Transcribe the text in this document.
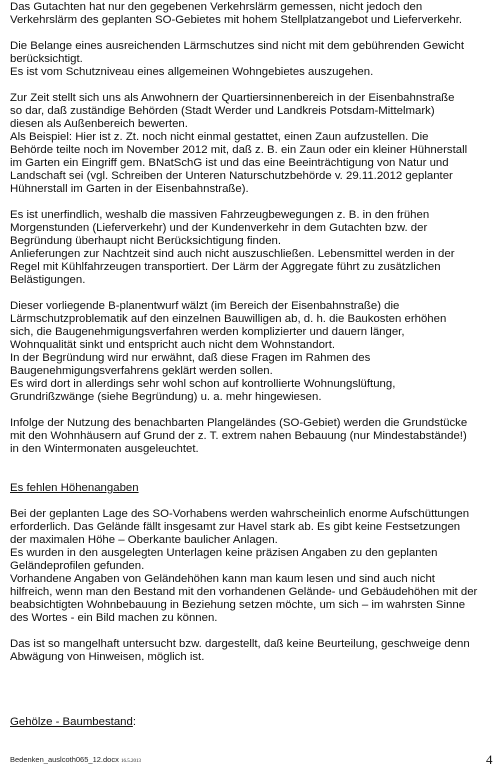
Das Gutachten hat nur den gegebenen Verkehrslärm gemessen, nicht jedoch den
Verkehrslärm des geplanten SO-Gebietes mit hohem Stellplatzangebot und Lieferverkehr.

Die Belange eines ausreichenden Lärmschutzes sind nicht mit dem gebührenden Gewicht
berücksichtigt.
Es ist vom Schutzniveau eines allgemeinen Wohngebietes auszugehen.

Zur Zeit stellt sich uns als Anwohnern der Quartiersinnenbereich in der Eisenbahnstraße
so dar, daß zuständige Behörden (Stadt Werder und Landkreis Potsdam-Mittelmark)
diesen als Außenbereich bewerten.
Als Beispiel: Hier ist z. Zt. noch nicht einmal gestattet, einen Zaun aufzustellen. Die
Behörde teilte noch im November 2012 mit, daß z. B. ein Zaun oder ein kleiner Hühnerstall
im Garten ein Eingriff gem. BNatSchG ist und das eine Beeinträchtigung von Natur und
Landschaft sei (vgl. Schreiben der Unteren Naturschutzbehörde v. 29.11.2012 geplanter
Hühnerstall im Garten in der Eisenbahnstraße).

Es ist unerfindlich, weshalb die massiven Fahrzeugbewegungen z. B. in den frühen
Morgenstunden (Lieferverkehr) und der Kundenverkehr in dem Gutachten bzw. der
Begründung überhaupt nicht Berücksichtigung finden.
Anlieferungen zur Nachtzeit sind auch nicht auszuschließen. Lebensmittel werden in der
Regel mit Kühlfahrzeugen transportiert. Der Lärm der Aggregate führt zu zusätzlichen
Belästigungen.

Dieser vorliegende B-planentwurf wälzt (im Bereich der Eisenbahnstraße) die
Lärmschutzproblematik auf den einzelnen Bauwilligen ab, d. h. die Baukosten erhöhen
sich, die Baugenehmigungsverfahren werden komplizierter und dauern länger,
Wohnqualität sinkt und entspricht auch nicht dem Wohnstandort.
In der Begründung wird nur erwähnt, daß diese Fragen im Rahmen des
Baugenehmigungsverfahrens geklärt werden sollen.
Es wird dort in allerdings sehr wohl schon auf kontrollierte Wohnungslüftung,
Grundrißzwänge (siehe Begründung) u. a. mehr hingewiesen.

Infolge der Nutzung des benachbarten Plangeländes (SO-Gebiet) werden die Grundstücke
mit den Wohnhäusern auf Grund der z. T. extrem nahen Bebauung (nur Mindestabstände!)
in den Wintermonaten ausgeleuchtet.

Es fehlen Höhenangaben

Bei der geplanten Lage des SO-Vorhabens werden wahrscheinlich enorme Aufschüttungen
erforderlich. Das Gelände fällt insgesamt zur Havel stark ab. Es gibt keine Festsetzungen
der maximalen Höhe – Oberkante baulicher Anlagen.
Es wurden in den ausgelegten Unterlagen keine präzisen Angaben zu den geplanten
Geländeprofilen gefunden.
Vorhandene Angaben von Geländehöhen kann man kaum lesen und sind auch nicht
hilfreich, wenn man den Bestand mit den vorhandenen Gelände- und Gebäudehöhen mit der
beabsichtigten Wohnbebauung in Beziehung setzen möchte, um sich – im wahrsten Sinne
des Wortes - ein Bild machen zu können.

Das ist so mangelhaft untersucht bzw. dargestellt, daß keine Beurteilung, geschweige denn
Abwägung von Hinweisen, möglich ist.

Gehölze - Baumbestand:

Bedenken_auslcoth065_12.docx 16.5.2013	4
